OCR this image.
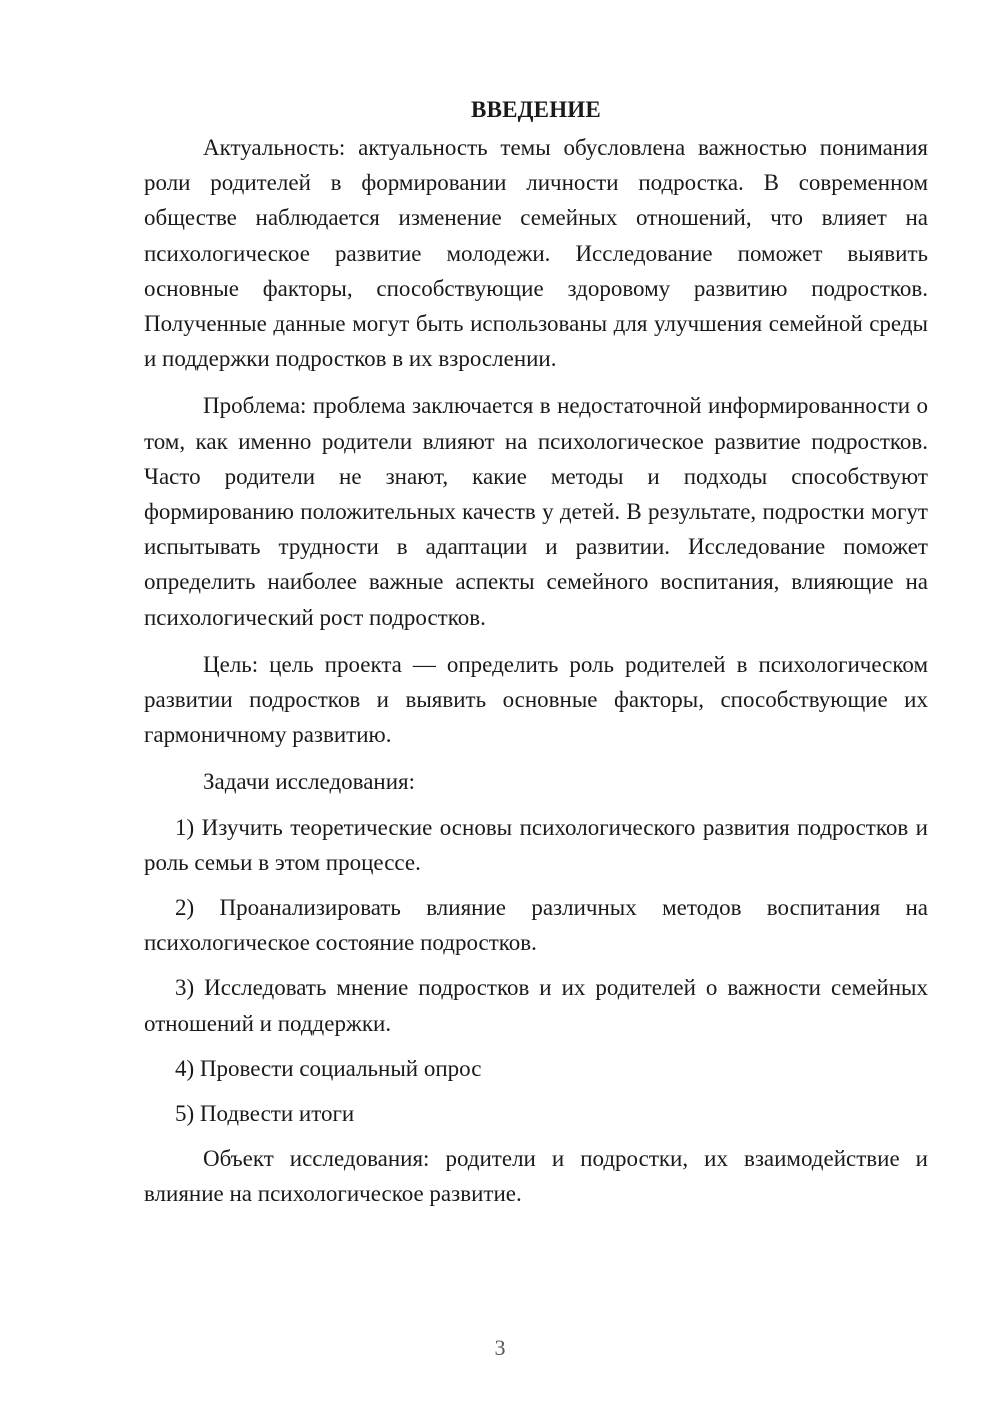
ВВЕДЕНИЕ

Актуальность: актуальность темы обусловлена важностью понимания роли родителей в формировании личности подростка. В современном обществе наблюдается изменение семейных отношений, что влияет на психологическое развитие молодежи. Исследование поможет выявить основные факторы, способствующие здоровому развитию подростков. Полученные данные могут быть использованы для улучшения семейной среды и поддержки подростков в их взрослении.

Проблема: проблема заключается в недостаточной информированности о том, как именно родители влияют на психологическое развитие подростков. Часто родители не знают, какие методы и подходы способствуют формированию положительных качеств у детей. В результате, подростки могут испытывать трудности в адаптации и развитии. Исследование поможет определить наиболее важные аспекты семейного воспитания, влияющие на психологический рост подростков.

Цель: цель проекта — определить роль родителей в психологическом развитии подростков и выявить основные факторы, способствующие их гармоничному развитию.

Задачи исследования:

1) Изучить теоретические основы психологического развития подростков и роль семьи в этом процессе.

2) Проанализировать влияние различных методов воспитания на психологическое состояние подростков.

3) Исследовать мнение подростков и их родителей о важности семейных отношений и поддержки.

4) Провести социальный опрос

5) Подвести итоги

Объект исследования: родители и подростки, их взаимодействие и влияние на психологическое развитие.

3
